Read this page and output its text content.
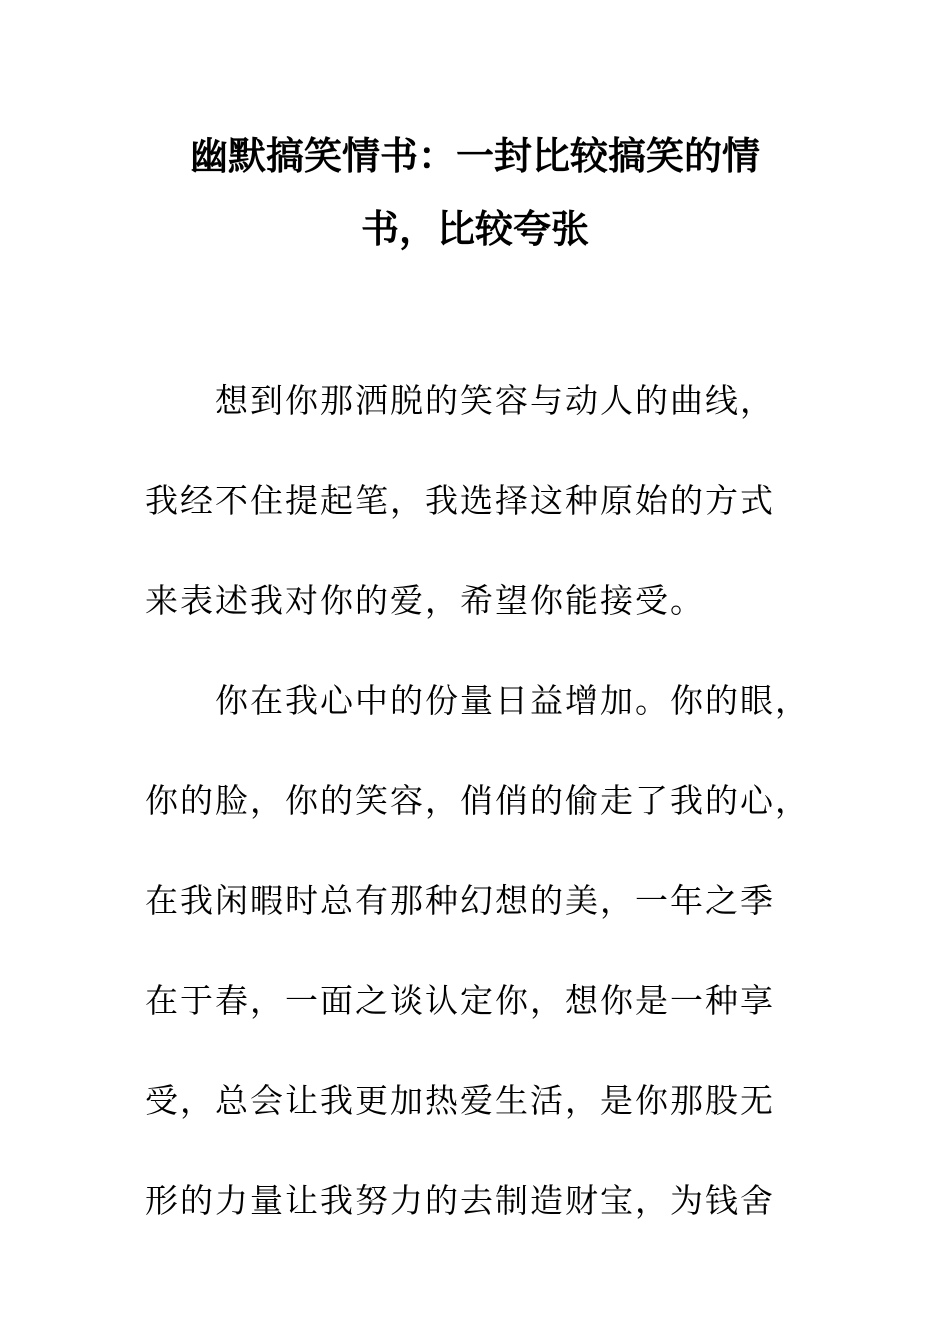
幽默搞笑情书：一封比较搞笑的情
书，比较夸张
想到你那洒脱的笑容与动人的曲线，
我经不住提起笔，我选择这种原始的方式
来表述我对你的爱，希望你能接受。
你在我心中的份量日益增加。你的眼，
你的脸，你的笑容，俏俏的偷走了我的心，
在我闲暇时总有那种幻想的美，一年之季
在于春，一面之谈认定你，想你是一种享
受，总会让我更加热爱生活，是你那股无
形的力量让我努力的去制造财宝，为钱舍
